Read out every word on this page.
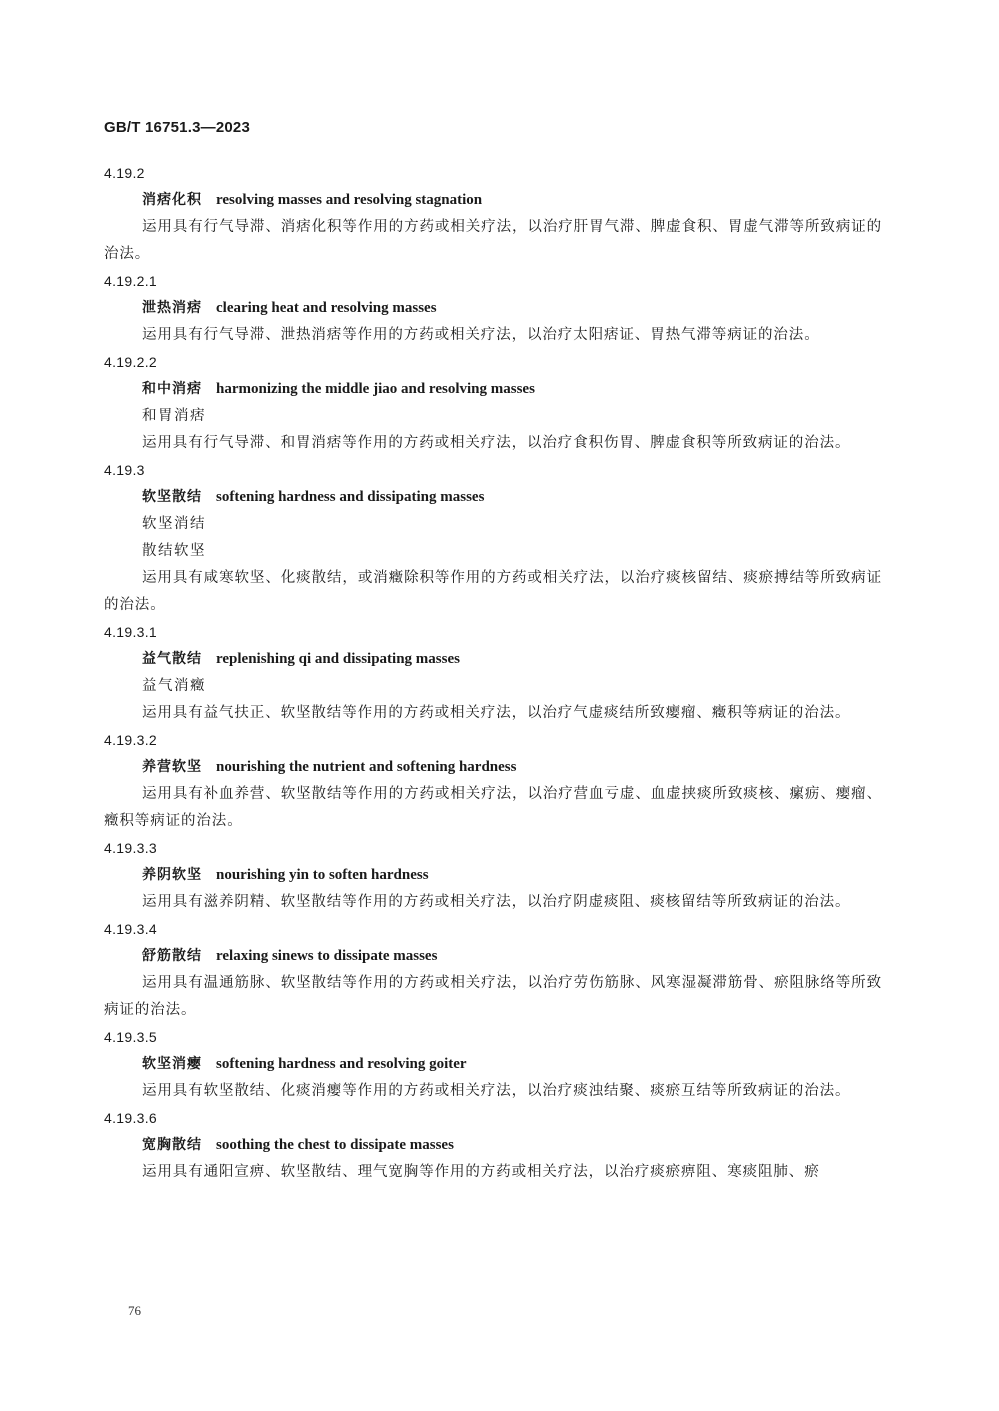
GB/T 16751.3—2023
4.19.2
消痞化积 resolving masses and resolving stagnation

运用具有行气导滞、消痞化积等作用的方药或相关疗法，以治疗肝胃气滞、脾虚食积、胃虚气滞等所致病证的治法。

4.19.2.1
泄热消痞 clearing heat and resolving masses

运用具有行气导滞、泄热消痞等作用的方药或相关疗法，以治疗太阳痞证、胃热气滞等病证的治法。

4.19.2.2
和中消痞 harmonizing the middle jiao and resolving masses
和胃消痞

运用具有行气导滞、和胃消痞等作用的方药或相关疗法，以治疗食积伤胃、脾虚食积等所致病证的治法。

4.19.3
软坚散结 softening hardness and dissipating masses
软坚消结
散结软坚

运用具有咸寒软坚、化痰散结，或消癥除积等作用的方药或相关疗法，以治疗痰核留结、痰瘀搏结等所致病证的治法。

4.19.3.1
益气散结 replenishing qi and dissipating masses
益气消癥

运用具有益气扶正、软坚散结等作用的方药或相关疗法，以治疗气虚痰结所致瘿瘤、癥积等病证的治法。

4.19.3.2
养营软坚 nourishing the nutrient and softening hardness

运用具有补血养营、软坚散结等作用的方药或相关疗法，以治疗营血亏虚、血虚挟痰所致痰核、瘰疬、瘿瘤、癥积等病证的治法。

4.19.3.3
养阴软坚 nourishing yin to soften hardness

运用具有滋养阴精、软坚散结等作用的方药或相关疗法，以治疗阴虚痰阻、痰核留结等所致病证的治法。

4.19.3.4
舒筋散结 relaxing sinews to dissipate masses

运用具有温通筋脉、软坚散结等作用的方药或相关疗法，以治疗劳伤筋脉、风寒湿凝滞筋骨、瘀阻脉络等所致病证的治法。

4.19.3.5
软坚消瘿 softening hardness and resolving goiter

运用具有软坚散结、化痰消瘿等作用的方药或相关疗法，以治疗痰浊结聚、痰瘀互结等所致病证的治法。

4.19.3.6
宽胸散结 soothing the chest to dissipate masses

运用具有通阳宣痹、软坚散结、理气宽胸等作用的方药或相关疗法，以治疗痰瘀痹阻、寒痰阻肺、瘀

76
